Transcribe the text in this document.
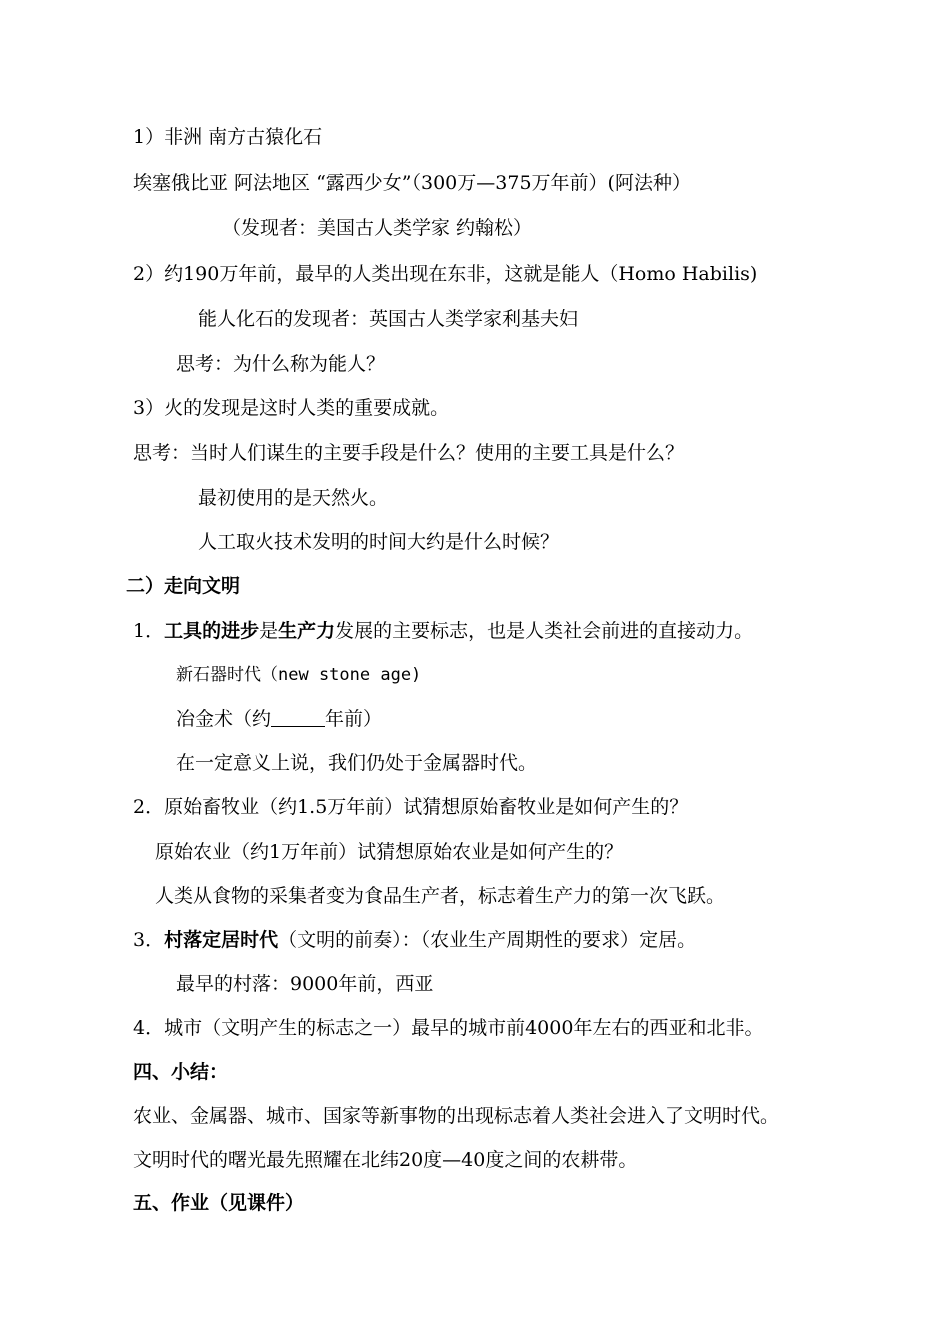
1）非洲 南方古猿化石
埃塞俄比亚 阿法地区 “露西少女”（300万—375万年前）(阿法种）
（发现者：美国古人类学家 约翰松）
2）约190万年前，最早的人类出现在东非，这就是能人（Homo Habilis)
能人化石的发现者：英国古人类学家利基夫妇
思考：为什么称为能人？
3）火的发现是这时人类的重要成就。
思考：当时人们谋生的主要手段是什么？使用的主要工具是什么？
最初使用的是天然火。
人工取火技术发明的时间大约是什么时候？
二）走向文明
1．工具的进步是生产力发展的主要标志，也是人类社会前进的直接动力。
新石器时代（new stone age)
冶金术（约	年前）
在一定意义上说，我们仍处于金属器时代。
2．原始畜牧业（约1.5万年前）试猜想原始畜牧业是如何产生的？
原始农业（约1万年前）试猜想原始农业是如何产生的？
人类从食物的采集者变为食品生产者，标志着生产力的第一次飞跃。
3．村落定居时代（文明的前奏）：（农业生产周期性的要求）定居。
最早的村落：9000年前，西亚
4．城市（文明产生的标志之一）最早的城市前4000年左右的西亚和北非。
四、小结：
农业、金属器、城市、国家等新事物的出现标志着人类社会进入了文明时代。
文明时代的曙光最先照耀在北纬20度—40度之间的农耕带。
五、作业（见课件）
